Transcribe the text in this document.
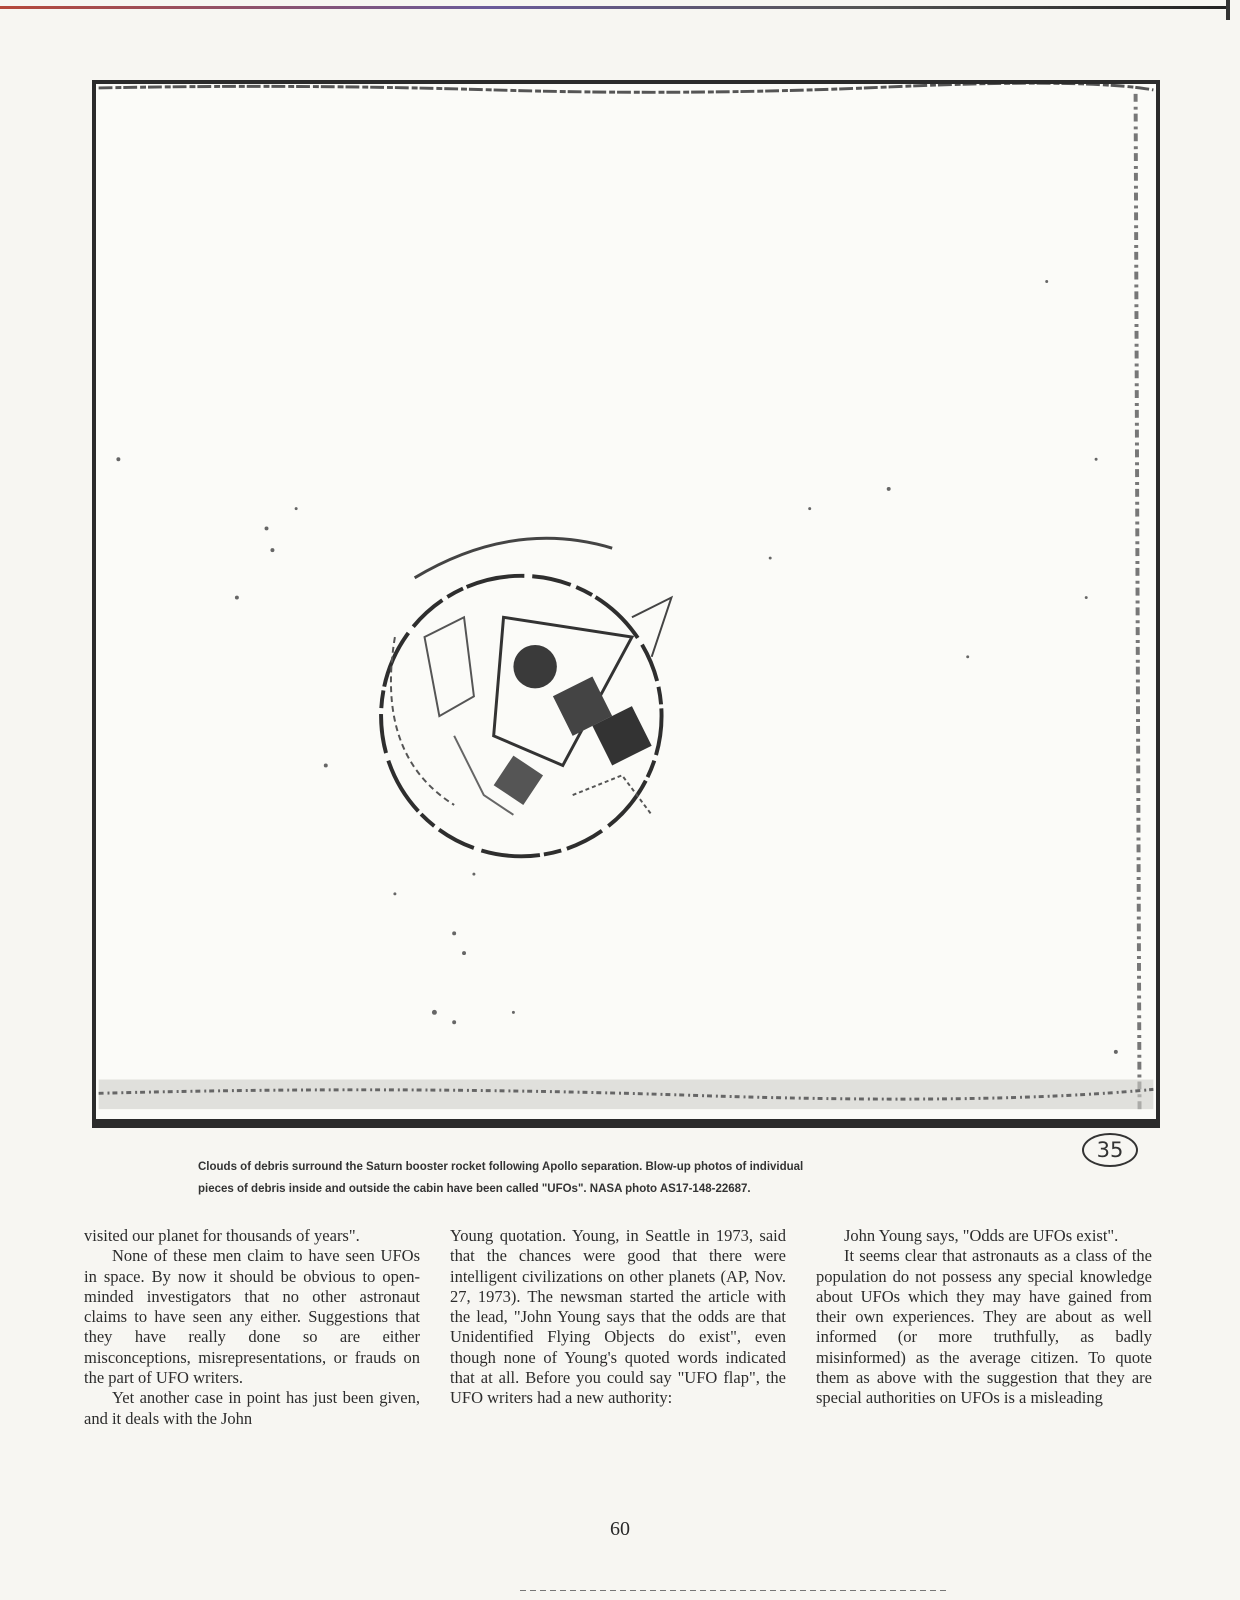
35

Clouds of debris surround the Saturn booster rocket following Apollo separation. Blow-up photos of individual

pieces of debris inside and outside the cabin have been called "UFOs". NASA photo AS17-148-22687.

visited our planet for thousands of years".

None of these men claim to have seen UFOs in space. By now it should be obvious to open-minded investigators that no other astronaut claims to have seen any either. Suggestions that they have really done so are either misconceptions, misrepresentations, or frauds on the part of UFO writers.

Yet another case in point has just been given, and it deals with the John

Young quotation. Young, in Seattle in 1973, said that the chances were good that there were intelligent civilizations on other planets (AP, Nov. 27, 1973). The newsman started the article with the lead, "John Young says that the odds are that Unidentified Flying Objects do exist", even though none of Young's quoted words indicated that at all. Before you could say "UFO flap", the UFO writers had a new authority:

John Young says, "Odds are UFOs exist".

It seems clear that astronauts as a class of the population do not possess any special knowledge about UFOs which they may have gained from their own experiences. They are about as well informed (or more truthfully, as badly misinformed) as the average citizen. To quote them as above with the suggestion that they are special authorities on UFOs is a misleading

60
